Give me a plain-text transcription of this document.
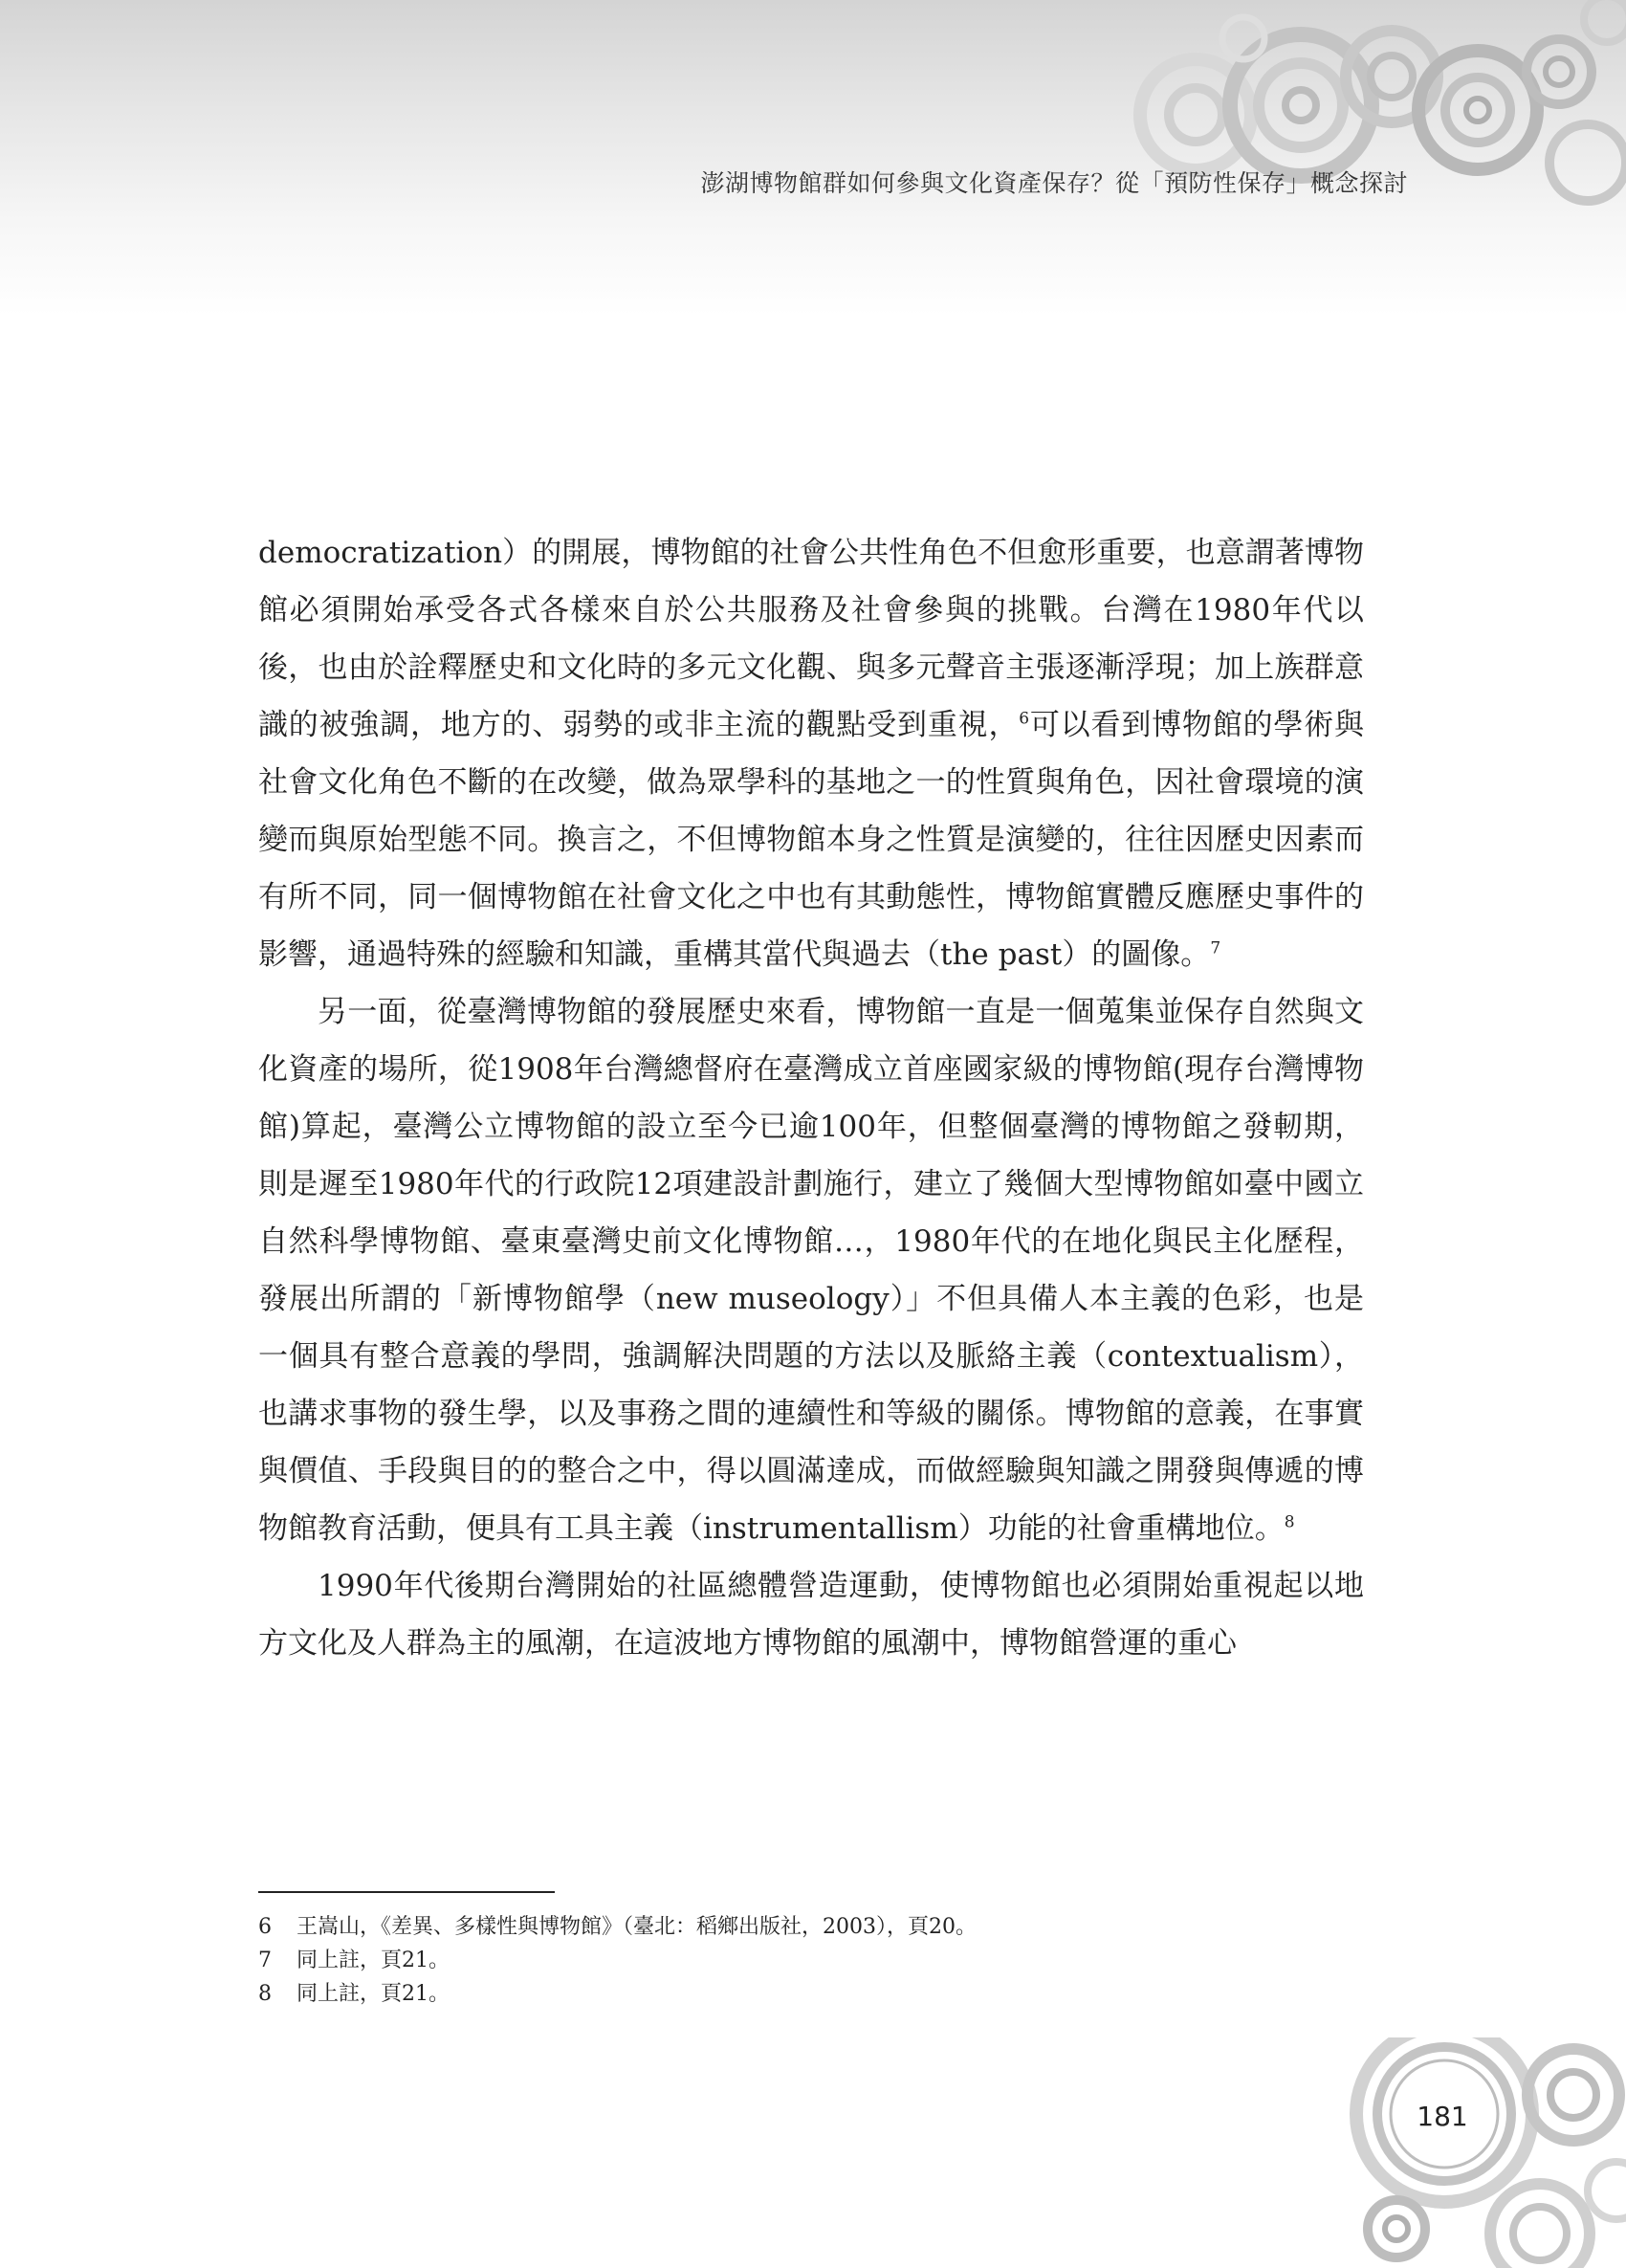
澎湖博物館群如何參與文化資產保存？從「預防性保存」概念探討

democratization）的開展，博物館的社會公共性角色不但愈形重要，也意謂著博物館必須開始承受各式各樣來自於公共服務及社會參與的挑戰。台灣在1980年代以後，也由於詮釋歷史和文化時的多元文化觀、與多元聲音主張逐漸浮現；加上族群意識的被強調，地方的、弱勢的或非主流的觀點受到重視，$^6$可以看到博物館的學術與社會文化角色不斷的在改變，做為眾學科的基地之一的性質與角色，因社會環境的演變而與原始型態不同。換言之，不但博物館本身之性質是演變的，往往因歷史因素而有所不同，同一個博物館在社會文化之中也有其動態性，博物館實體反應歷史事件的影響，通過特殊的經驗和知識，重構其當代與過去（the past）的圖像。$^7$

另一面，從臺灣博物館的發展歷史來看，博物館一直是一個蒐集並保存自然與文化資產的場所，從1908年台灣總督府在臺灣成立首座國家級的博物館(現存台灣博物館)算起，臺灣公立博物館的設立至今已逾100年，但整個臺灣的博物館之發軔期，則是遲至1980年代的行政院12項建設計劃施行，建立了幾個大型博物館如臺中國立自然科學博物館、臺東臺灣史前文化博物館…，1980年代的在地化與民主化歷程，發展出所謂的「新博物館學（new museology）」不但具備人本主義的色彩，也是一個具有整合意義的學問，強調解決問題的方法以及脈絡主義（contextualism），也講求事物的發生學，以及事務之間的連續性和等級的關係。博物館的意義，在事實與價值、手段與目的的整合之中，得以圓滿達成，而做經驗與知識之開發與傳遞的博物館教育活動，便具有工具主義（instrumentallism）功能的社會重構地位。$^8$

1990年代後期台灣開始的社區總體營造運動，使博物館也必須開始重視起以地方文化及人群為主的風潮，在這波地方博物館的風潮中，博物館營運的重心

6 王嵩山，《差異、多樣性與博物館》（臺北：稻鄉出版社，2003），頁20。
7 同上註，頁21。
8 同上註，頁21。
181
